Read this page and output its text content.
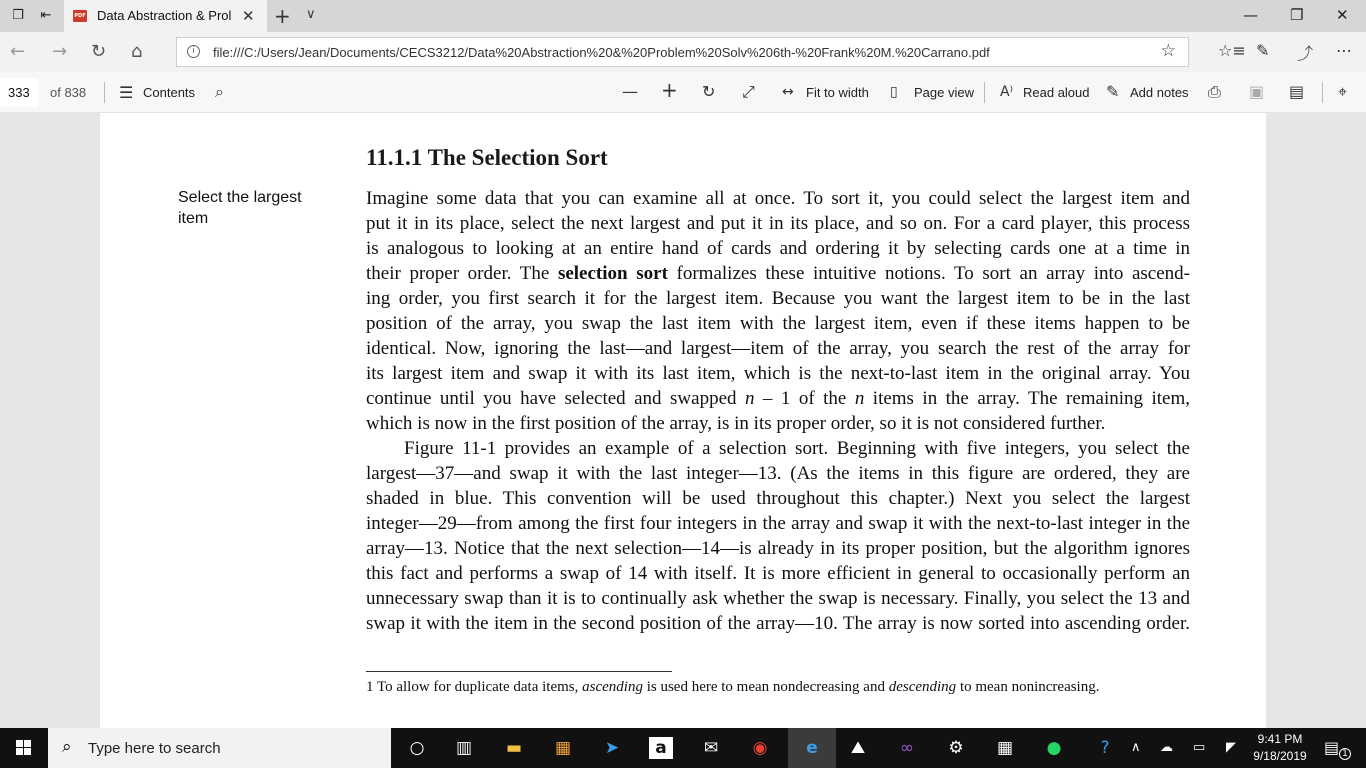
❐ ⇤	PDF Data Abstraction & Prol ✕ + ∨	— ❐ ✕
← → ↻ ⌂	i	file:///C:/Users/Jean/Documents/CECS3212/Data%20Abstraction%20&%20Problem%20Solv%206th-%20Frank%20M.%20Carrano.pdf	☆	☆≡ ✎ ⤴ ⋯
333	of 838 ☰ Contents ⌕	— + ↻ ⤢ ↔ Fit to width ▯ Page view A⁾ Read aloud ✎ Add notes ⎙ ▣ ▤ ⌖
11.1.1 The Selection Sort
Select the largest item
Imagine some data that you can examine all at once. To sort it, you could select the largest item and
put it in its place, select the next largest and put it in its place, and so on. For a card player, this process
is analogous to looking at an entire hand of cards and ordering it by selecting cards one at a time in
their proper order. The selection sort formalizes these intuitive notions. To sort an array into ascend-
ing order, you first search it for the largest item. Because you want the largest item to be in the last
position of the array, you swap the last item with the largest item, even if these items happen to be
identical. Now, ignoring the last—and largest—item of the array, you search the rest of the array for
its largest item and swap it with its last item, which is the next-to-last item in the original array. You
continue until you have selected and swapped n – 1 of the n items in the array. The remaining item,
which is now in the first position of the array, is in its proper order, so it is not considered further.
Figure 11-1 provides an example of a selection sort. Beginning with five integers, you select the
largest—37—and swap it with the last integer—13. (As the items in this figure are ordered, they are
shaded in blue. This convention will be used throughout this chapter.) Next you select the largest
integer—29—from among the first four integers in the array and swap it with the next-to-last integer in the
array—13. Notice that the next selection—14—is already in its proper position, but the algorithm ignores
this fact and performs a swap of 14 with itself. It is more efficient in general to occasionally perform an
unnecessary swap than it is to continually ask whether the swap is necessary. Finally, you select the 13 and
swap it with the item in the second position of the array—10. The array is now sorted into ascending order.
1 To allow for duplicate data items, ascending is used here to mean nondecreasing and descending to mean nonincreasing.
⌕ Type here to search	○ ▥ ▬ ▦ ➤	a	✉ ◉	e	⛰ ∞ ⚙ ▦ ●	?	∧ ☁ ▭ ◤
9:41 PM
9/18/2019 ▤ 1
